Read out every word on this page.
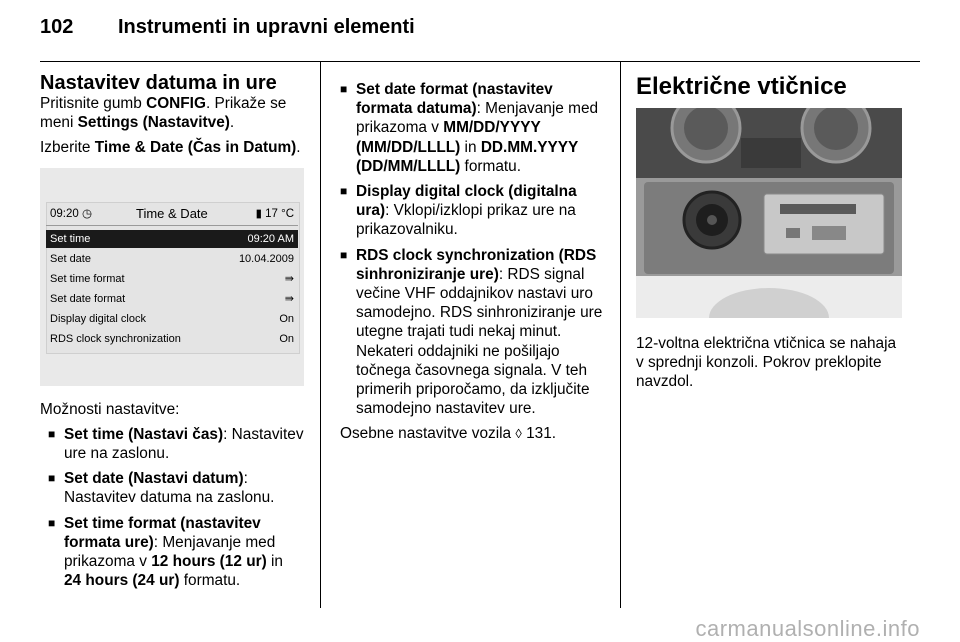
102 Instrumenti in upravni elementi
Nastavitev datuma in ure

Pritisnite gumb CONFIG. Prikaže se meni Settings (Nastavitve).

Izberite Time & Date (Čas in Datum).

09:20 ◷	Time & Date	▮ 17 °C
Set time	09:20 AM
Set date	10.04.2009
Set time format	⇛
Set date format	⇛
Display digital clock	On
RDS clock synchronization	On

Možnosti nastavitve:

■ Set time (Nastavi čas): Nastavitev ure na zaslonu.
■ Set date (Nastavi datum): Nastavitev datuma na zaslonu.
■ Set time format (nastavitev formata ure): Menjavanje med prikazoma v 12 hours (12 ur) in 24 hours (24 ur) formatu.
■ Set date format (nastavitev formata datuma): Menjavanje med prikazoma v MM/DD/YYYY (MM/DD/LLLL) in DD.MM.YYYY (DD/MM/LLLL) formatu.
■ Display digital clock (digitalna ura): Vklopi/izklopi prikaz ure na prikazovalniku.
■ RDS clock synchronization (RDS sinhroniziranje ure): RDS signal večine VHF oddajnikov nastavi uro samodejno. RDS sinhroniziranje ure utegne trajati tudi nekaj minut. Nekateri oddajniki ne pošiljajo točnega časovnega signala. V teh primerih priporočamo, da izključite samodejno nastavitev ure.

Osebne nastavitve vozila ◊ 131.

Električne vtičnice

12-voltna električna vtičnica se nahaja v sprednji konzoli. Pokrov preklopite navzdol.

carmanualsonline.info
